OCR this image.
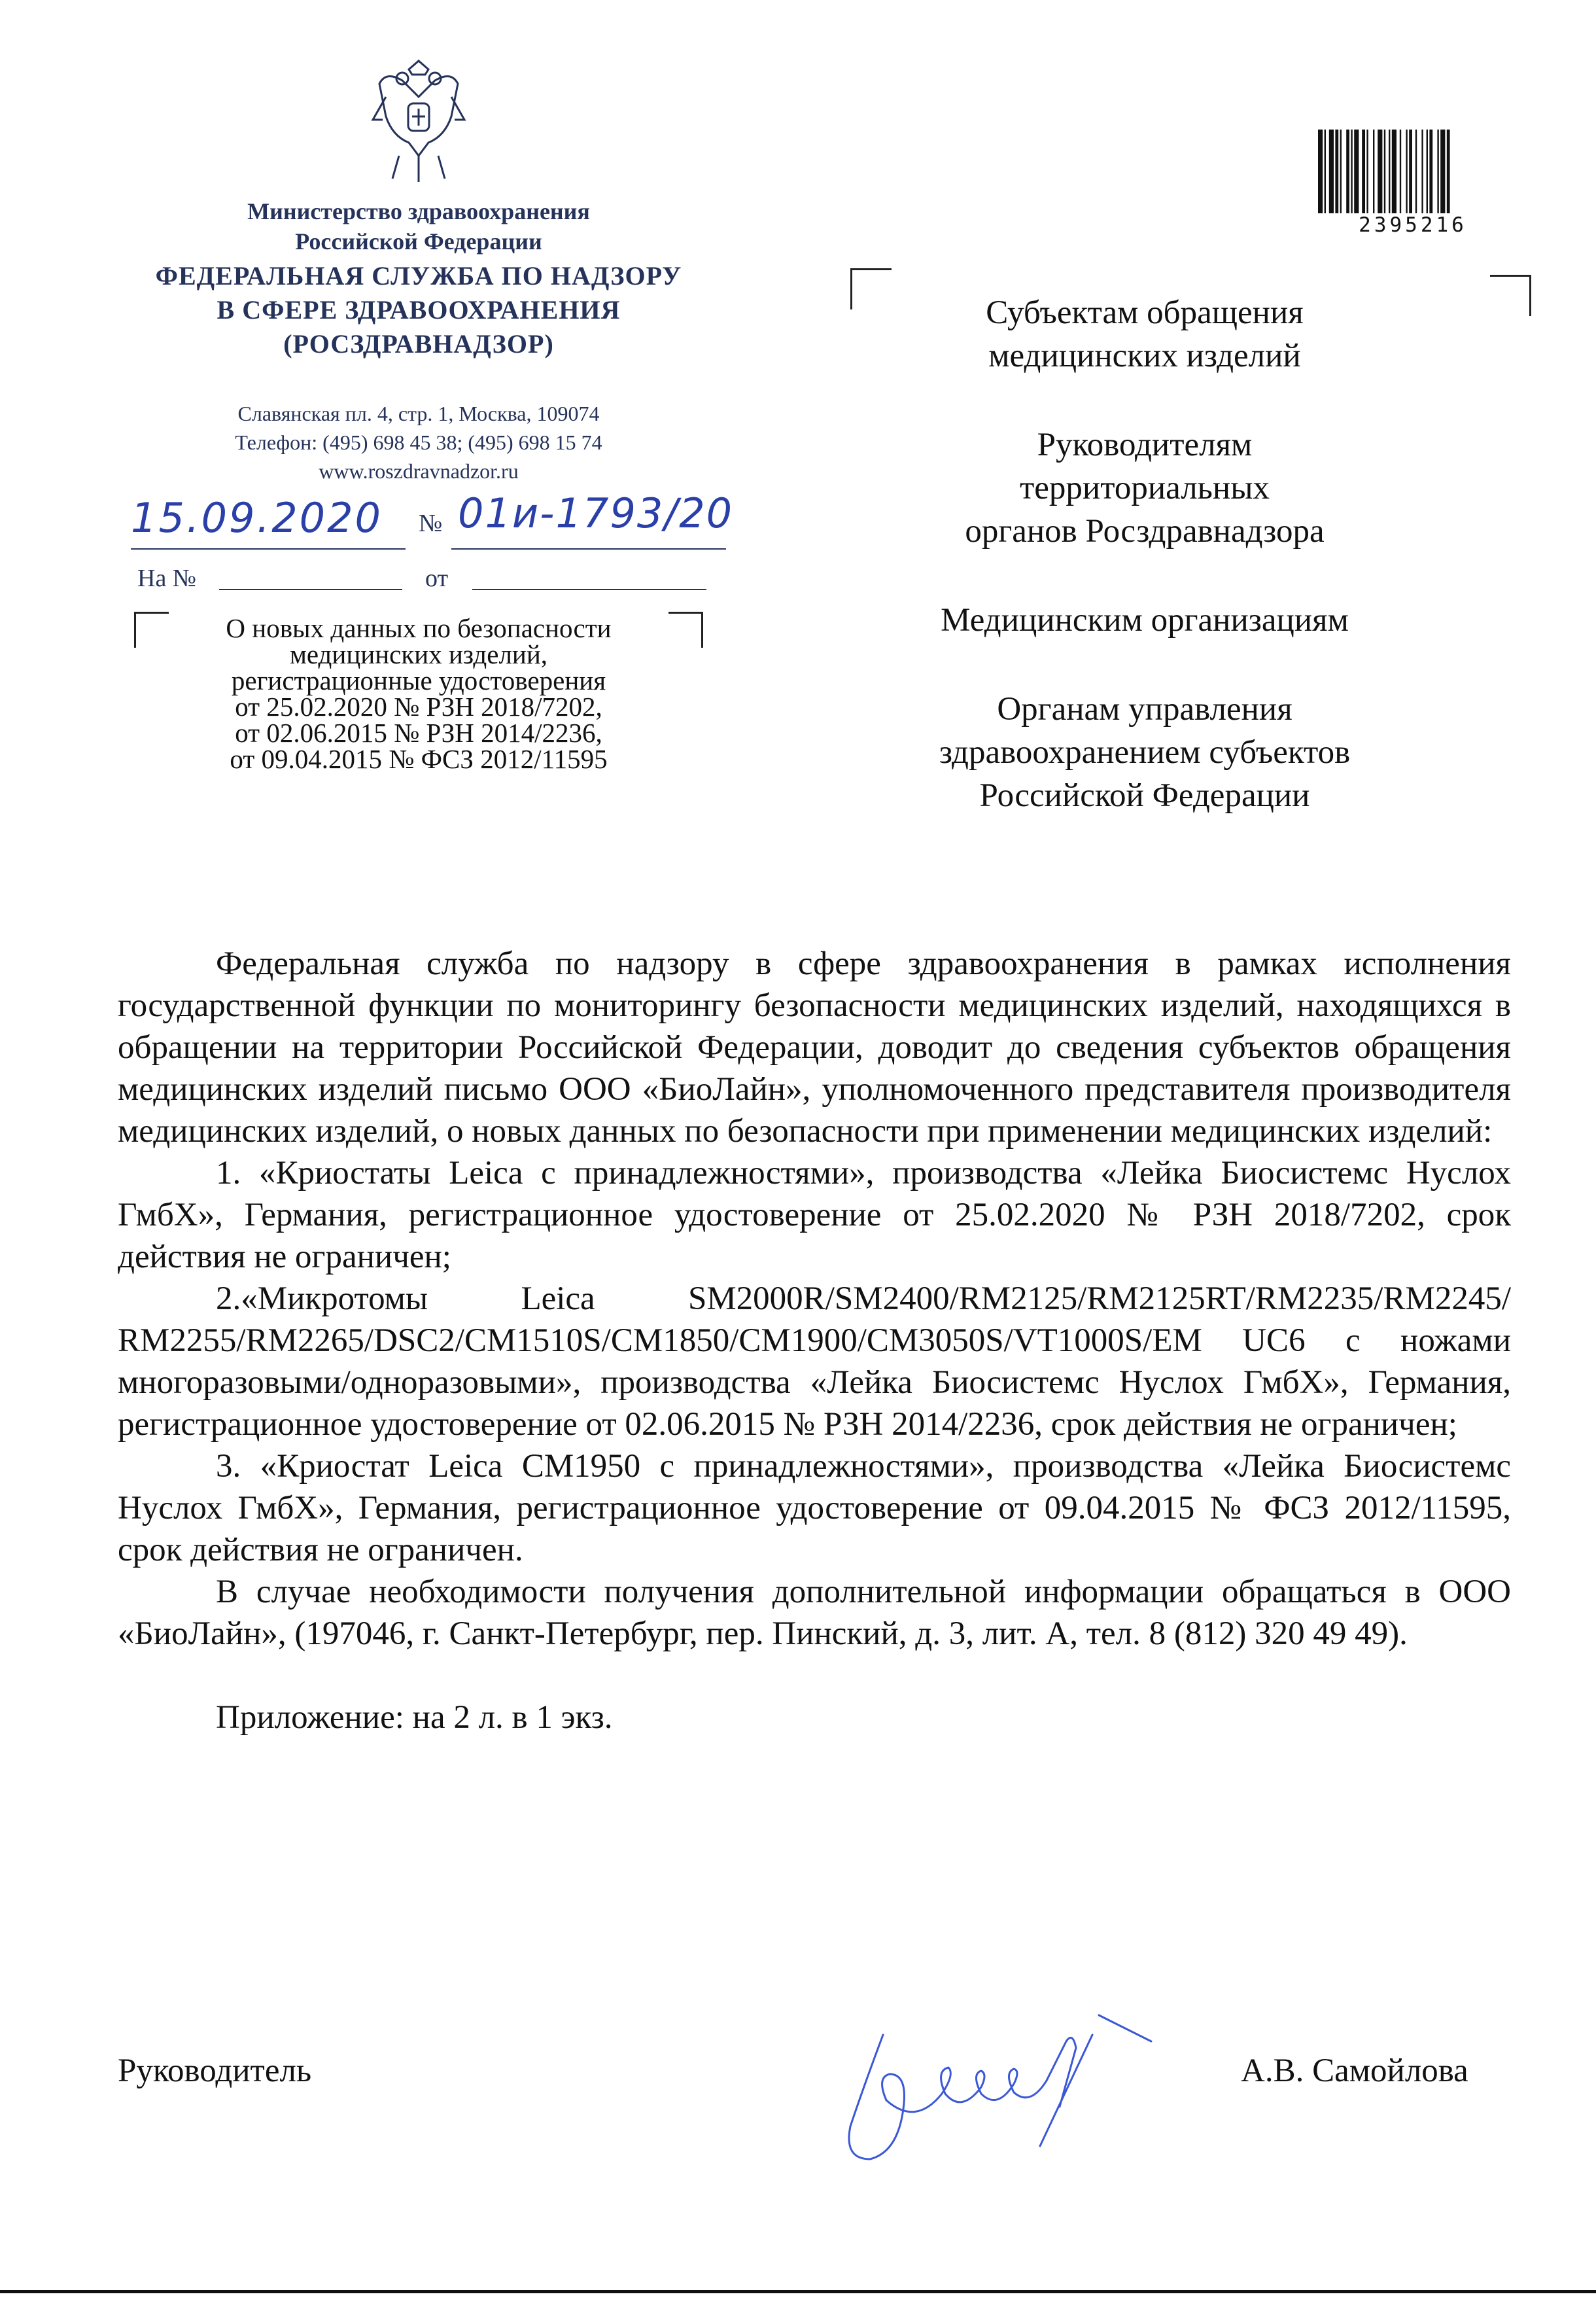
Министерство здравоохранения
Российской Федерации
ФЕДЕРАЛЬНАЯ СЛУЖБА ПО НАДЗОРУ
В СФЕРЕ ЗДРАВООХРАНЕНИЯ
(РОСЗДРАВНАДЗОР)
Славянская пл. 4, стр. 1, Москва, 109074
Телефон: (495) 698 45 38; (495) 698 15 74
www.roszdravnadzor.ru
15.09.2020 № 01и-1793/20
На №	от
О новых данных по безопасности
медицинских изделий,
регистрационные удостоверения
от 25.02.2020 № РЗН 2018/7202,
от 02.06.2015 № РЗН 2014/2236,
от 09.04.2015 № ФСЗ 2012/11595
2395216

Субъектам обращения
медицинских изделий

Руководителям
территориальных
органов Росздравнадзора

Медицинским организациям

Органам управления
здравоохранением субъектов
Российской Федерации

Федеральная служба по надзору в сфере здравоохранения в рамках исполнения государственной функции по мониторингу безопасности медицинских изделий, находящихся в обращении на территории Российской Федерации, доводит до сведения субъектов обращения медицинских изделий письмо ООО «БиоЛайн», уполномоченного представителя производителя медицинских изделий, о новых данных по безопасности при применении медицинских изделий:

1. «Криостаты Leica с принадлежностями», производства «Лейка Биосистемс Нуслох ГмбХ», Германия, регистрационное удостоверение от 25.02.2020 № РЗН 2018/7202, срок действия не ограничен;

2.«Микротомы Leica SM2000R/SM2400/RM2125/RM2125RT/RM2235/RM2245/ RM2255/RM2265/DSC2/CM1510S/CM1850/CM1900/CM3050S/VT1000S/EM UC6 с ножами многоразовыми/одноразовыми», производства «Лейка Биосистемс Нуслох ГмбХ», Германия, регистрационное удостоверение от 02.06.2015 № РЗН 2014/2236, срок действия не ограничен;

3. «Криостат Leica CM1950 с принадлежностями», производства «Лейка Биосистемс Нуслох ГмбХ», Германия, регистрационное удостоверение от 09.04.2015 № ФСЗ 2012/11595, срок действия не ограничен.

В случае необходимости получения дополнительной информации обращаться в ООО «БиоЛайн», (197046, г. Санкт-Петербург, пер. Пинский, д. 3, лит. А, тел. 8 (812) 320 49 49).

Приложение: на 2 л. в 1 экз.

Руководитель	А.В. Самойлова
